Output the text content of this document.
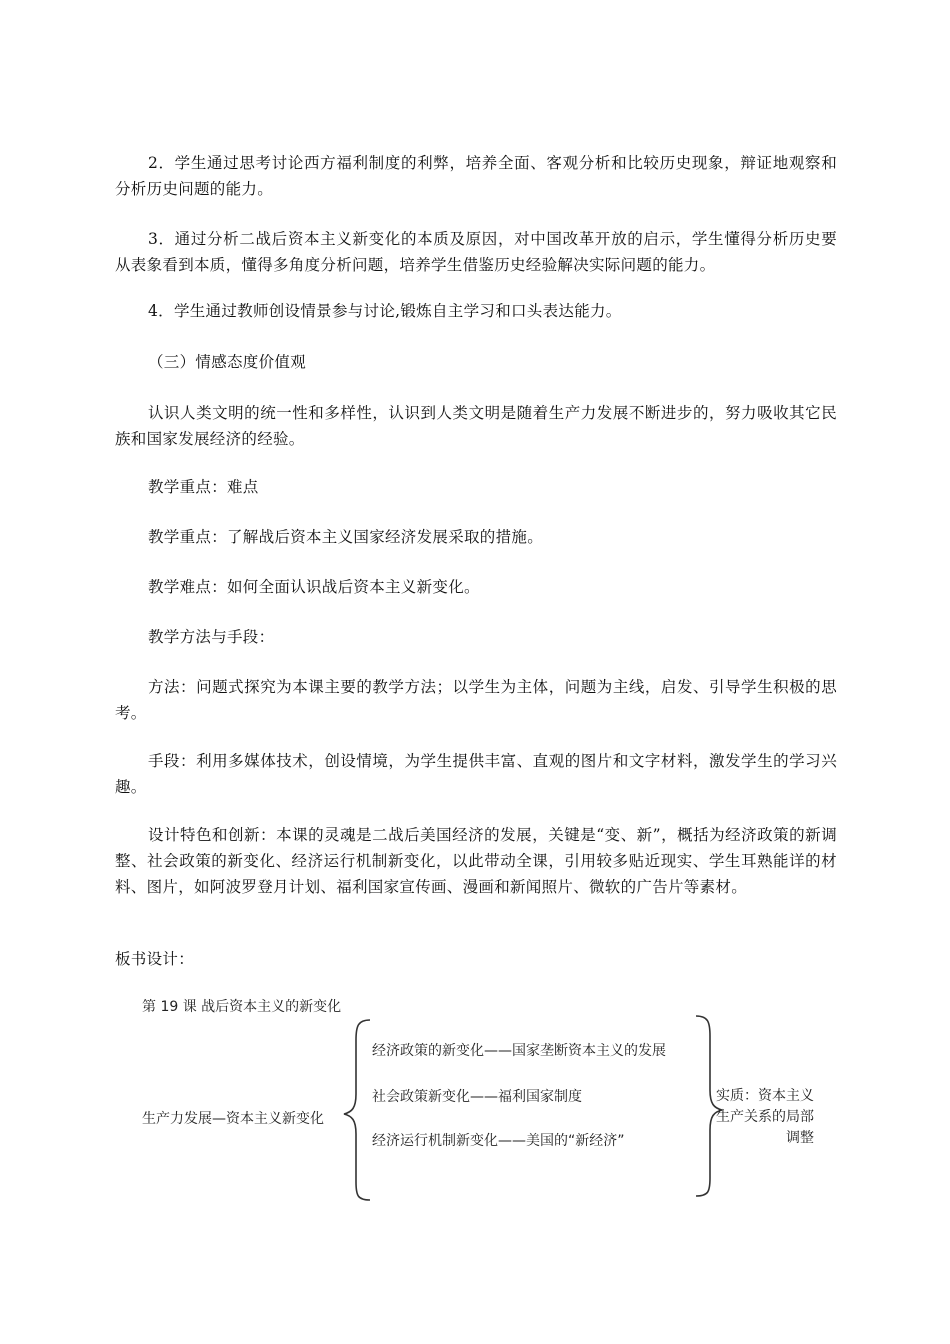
2．学生通过思考讨论西方福利制度的利弊，培养全面、客观分析和比较历史现象，辩证地观察和分析历史问题的能力。

3．通过分析二战后资本主义新变化的本质及原因，对中国改革开放的启示，学生懂得分析历史要从表象看到本质，懂得多角度分析问题，培养学生借鉴历史经验解决实际问题的能力。

4．学生通过教师创设情景参与讨论,锻炼自主学习和口头表达能力。

（三）情感态度价值观

认识人类文明的统一性和多样性，认识到人类文明是随着生产力发展不断进步的，努力吸收其它民族和国家发展经济的经验。

教学重点：难点

教学重点：了解战后资本主义国家经济发展采取的措施。

教学难点：如何全面认识战后资本主义新变化。

教学方法与手段：

方法：问题式探究为本课主要的教学方法；以学生为主体，问题为主线，启发、引导学生积极的思考。

手段：利用多媒体技术，创设情境，为学生提供丰富、直观的图片和文字材料，激发学生的学习兴趣。

设计特色和创新：本课的灵魂是二战后美国经济的发展，关键是“变、新”，概括为经济政策的新调整、社会政策的新变化、经济运行机制新变化，以此带动全课，引用较多贴近现实、学生耳熟能详的材料、图片，如阿波罗登月计划、福利国家宣传画、漫画和新闻照片、微软的广告片等素材。

板书设计：

第 19 课 战后资本主义的新变化
生产力发展—资本主义新变化
经济政策的新变化——国家垄断资本主义的发展
社会政策新变化——福利国家制度
经济运行机制新变化——美国的“新经济”
实质：资本主义生产关系的局部调整
